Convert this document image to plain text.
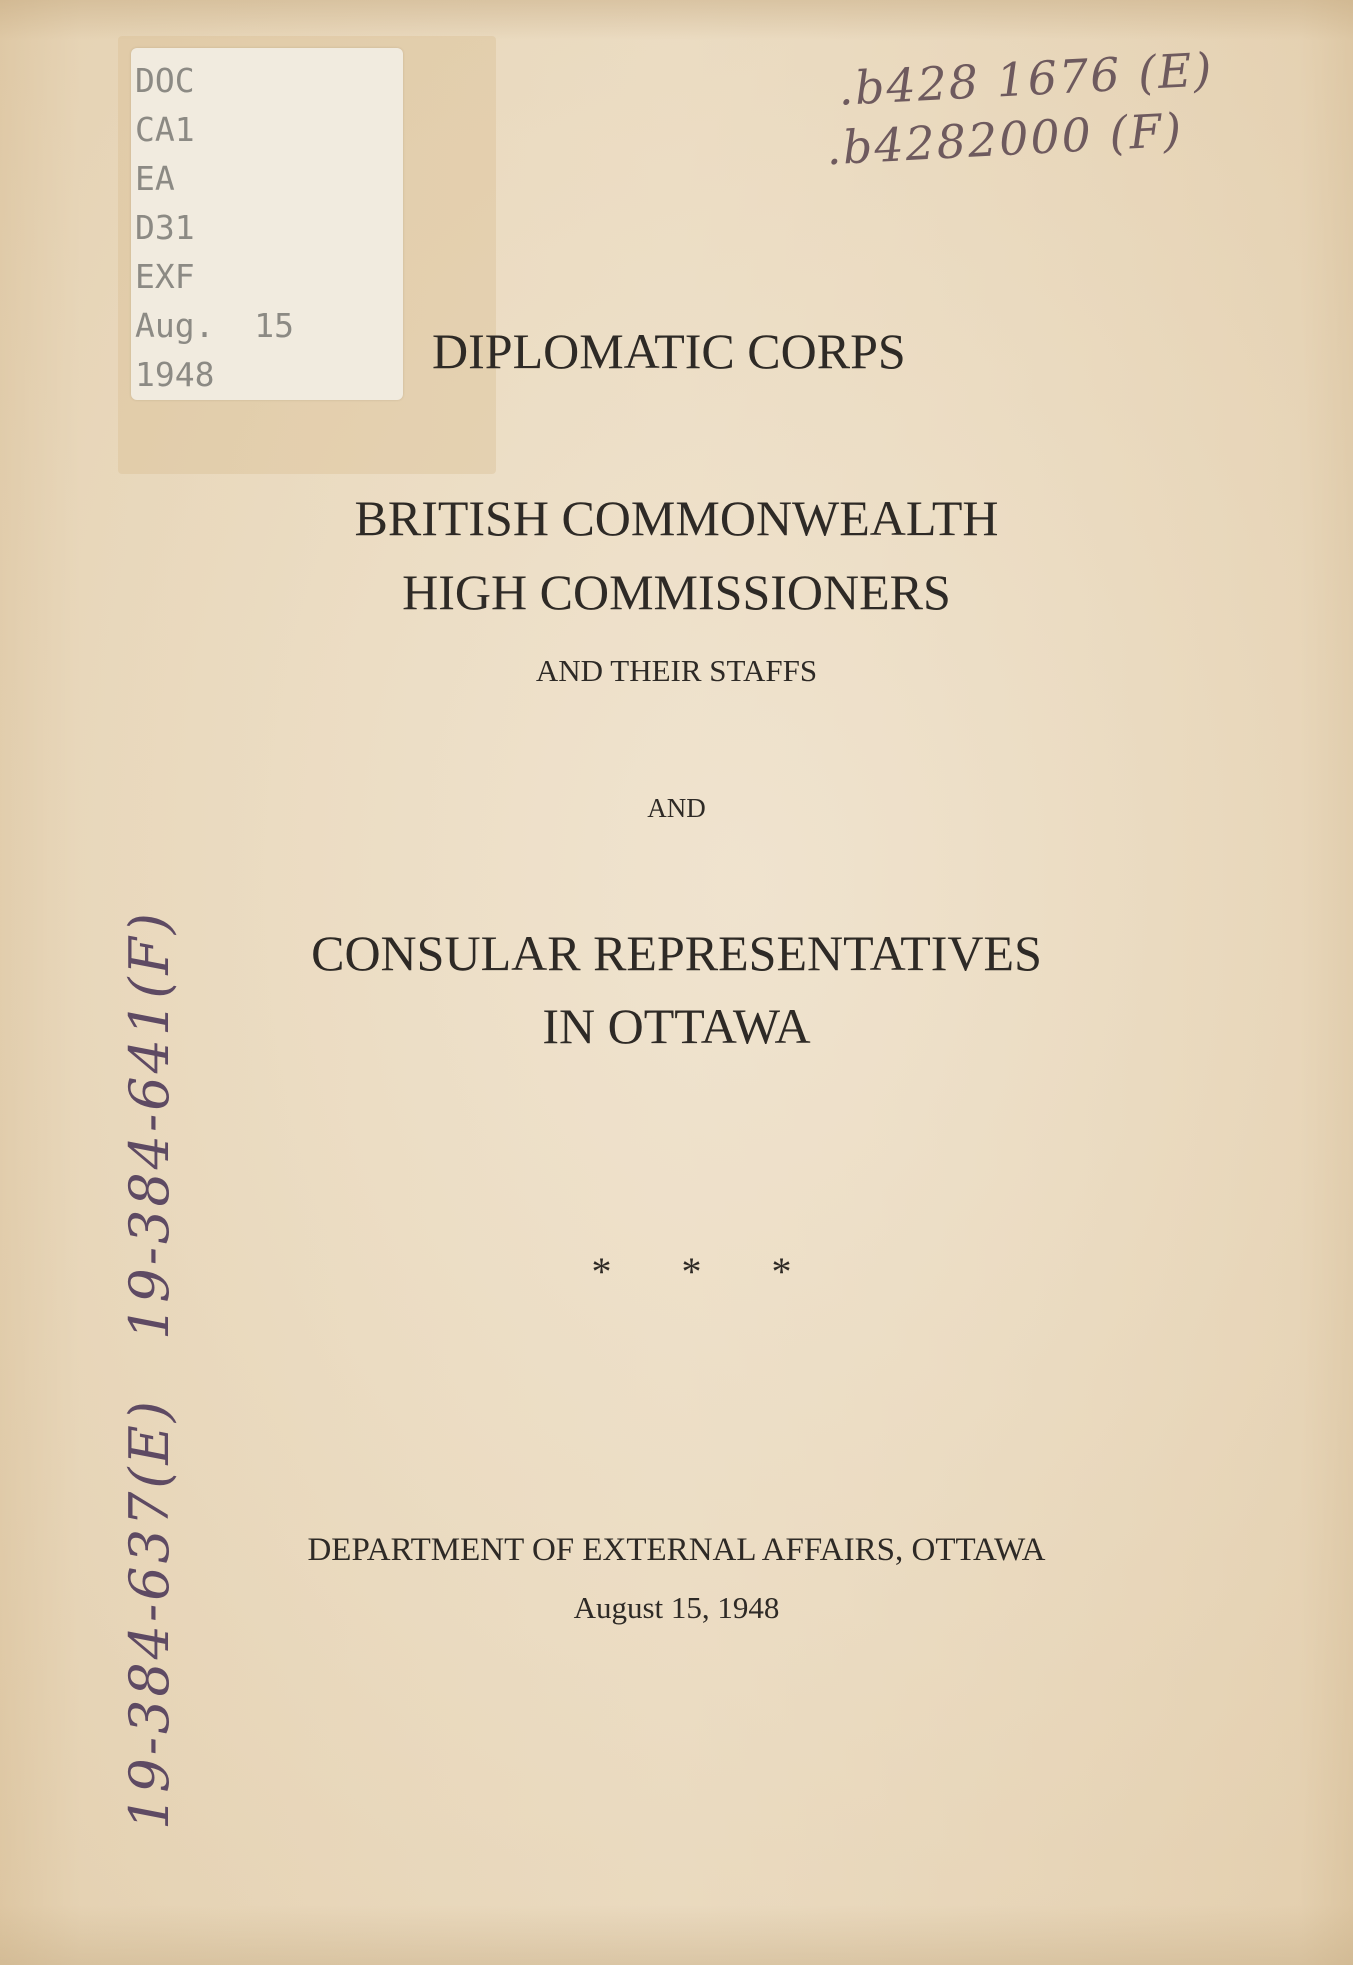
DOC
CA1
EA
D31
EXF
Aug.  15
1948
.b428 1676 (E)
.b4282000 (F)
19-384-641(F)
19-384-637(E)
DIPLOMATIC CORPS
BRITISH COMMONWEALTH
HIGH COMMISSIONERS
AND THEIR STAFFS
AND
CONSULAR REPRESENTATIVES
IN OTTAWA
* * *
DEPARTMENT OF EXTERNAL AFFAIRS, OTTAWA
August 15, 1948
